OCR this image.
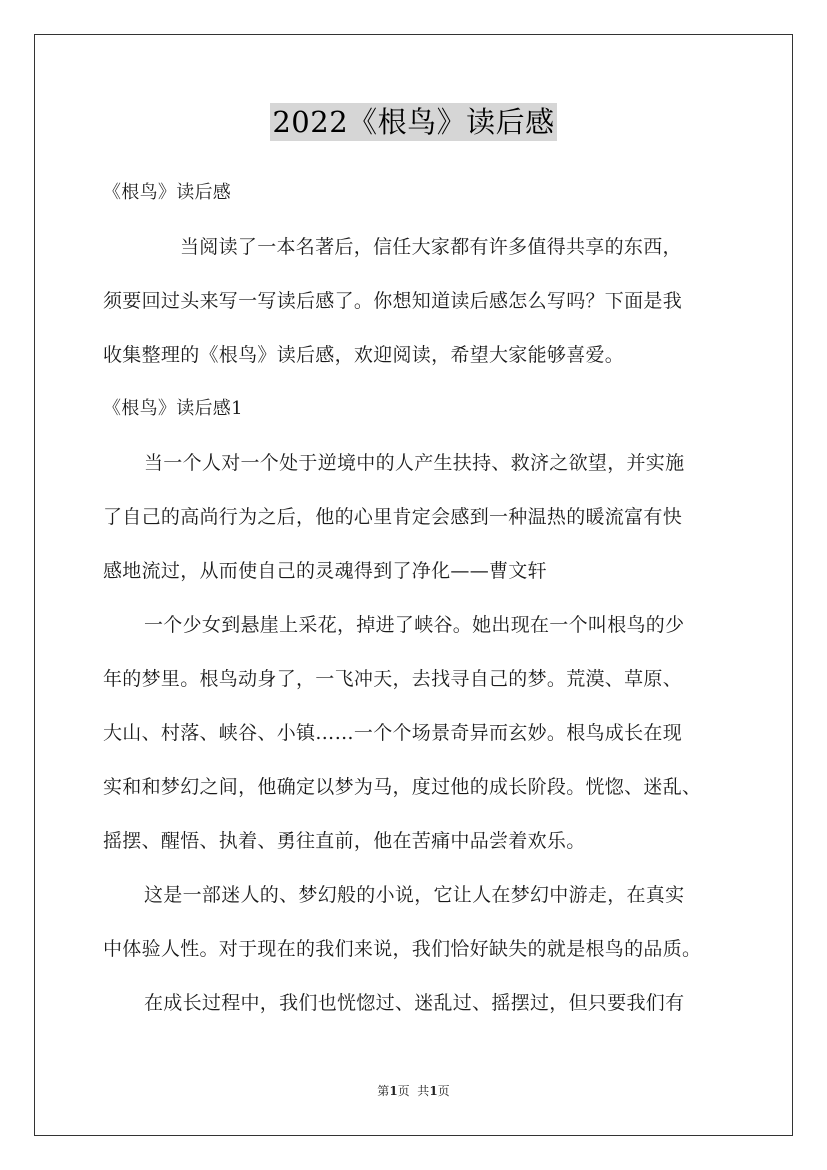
2022《根鸟》读后感
《根鸟》读后感
当阅读了一本名著后，信任大家都有许多值得共享的东西，
须要回过头来写一写读后感了。你想知道读后感怎么写吗？下面是我
收集整理的《根鸟》读后感，欢迎阅读，希望大家能够喜爱。
《根鸟》读后感1
当一个人对一个处于逆境中的人产生扶持、救济之欲望，并实施
了自己的高尚行为之后，他的心里肯定会感到一种温热的暖流富有快
感地流过，从而使自己的灵魂得到了净化——曹文轩
一个少女到悬崖上采花，掉进了峡谷。她出现在一个叫根鸟的少
年的梦里。根鸟动身了，一飞冲天，去找寻自己的梦。荒漠、草原、
大山、村落、峡谷、小镇……一个个场景奇异而玄妙。根鸟成长在现
实和和梦幻之间，他确定以梦为马，度过他的成长阶段。恍惚、迷乱、
摇摆、醒悟、执着、勇往直前，他在苦痛中品尝着欢乐。
这是一部迷人的、梦幻般的小说，它让人在梦幻中游走，在真实
中体验人性。对于现在的我们来说，我们恰好缺失的就是根鸟的品质。
在成长过程中，我们也恍惚过、迷乱过、摇摆过，但只要我们有
第1页  共1页
